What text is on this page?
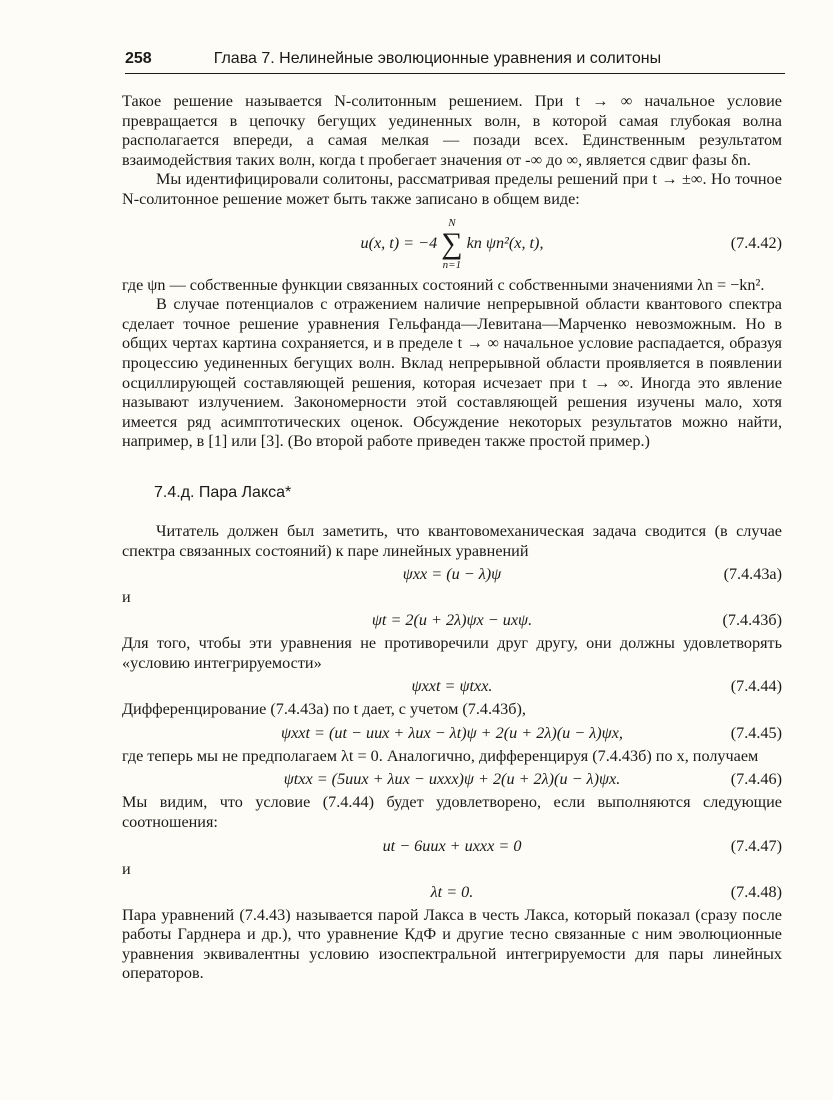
258	Глава 7. Нелинейные эволюционные уравнения и солитоны

Такое решение называется N-солитонным решением. При t → ∞ начальное условие превращается в цепочку бегущих уединенных волн, в которой самая глубокая волна располагается впереди, а самая мелкая — позади всех. Единственным результатом взаимодействия таких волн, когда t пробегает значения от -∞ до ∞, является сдвиг фазы δn.

Мы идентифицировали солитоны, рассматривая пределы решений при t → ±∞. Но точное N-солитонное решение может быть также записано в общем виде:

u(x, t) = −4
N
∑
n=1
kn ψn²(x, t),	(7.4.42)

где ψn — собственные функции связанных состояний с собственными значениями λn = −kn².

В случае потенциалов с отражением наличие непрерывной области квантового спектра сделает точное решение уравнения Гельфанда—Левитана—Марченко невозможным. Но в общих чертах картина сохраняется, и в пределе t → ∞ начальное условие распадается, образуя процессию уединенных бегущих волн. Вклад непрерывной области проявляется в появлении осциллирующей составляющей решения, которая исчезает при t → ∞. Иногда это явление называют излучением. Закономерности этой составляющей решения изучены мало, хотя имеется ряд асимптотических оценок. Обсуждение некоторых результатов можно найти, например, в [1] или [3]. (Во второй работе приведен также простой пример.)

7.4.д. Пара Лакса*

Читатель должен был заметить, что квантовомеханическая задача сводится (в случае спектра связанных состояний) к паре линейных уравнений

ψxx = (u − λ)ψ	(7.4.43а)
и
ψt = 2(u + 2λ)ψx − uxψ.	(7.4.43б)

Для того, чтобы эти уравнения не противоречили друг другу, они должны удовлетворять «условию интегрируемости»

ψxxt = ψtxx.	(7.4.44)

Дифференцирование (7.4.43а) по t дает, с учетом (7.4.43б),

ψxxt = (ut − uux + λux − λt)ψ + 2(u + 2λ)(u − λ)ψx,	(7.4.45)

где теперь мы не предполагаем λt = 0. Аналогично, дифференцируя (7.4.43б) по x, получаем

ψtxx = (5uux + λux − uxxx)ψ + 2(u + 2λ)(u − λ)ψx.	(7.4.46)

Мы видим, что условие (7.4.44) будет удовлетворено, если выполняются следующие соотношения:

ut − 6uux + uxxx = 0	(7.4.47)
и
λt = 0.	(7.4.48)

Пара уравнений (7.4.43) называется парой Лакса в честь Лакса, который показал (сразу после работы Гарднера и др.), что уравнение КдФ и другие тесно связанные с ним эволюционные уравнения эквивалентны условию изоспектральной интегрируемости для пары линейных операторов.
